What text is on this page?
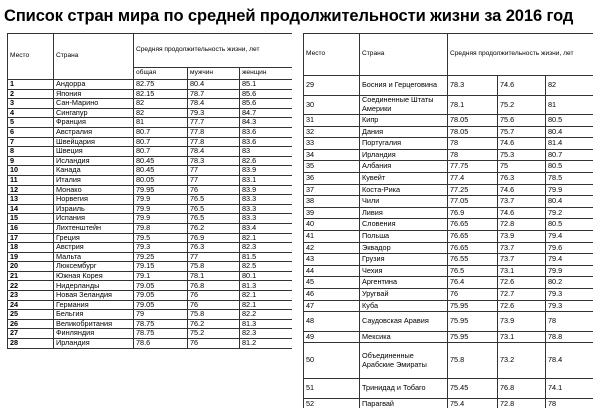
Список стран мира по средней продолжительности жизни за 2016 год
Место	Страна	Средняя продолжительность жизни, лет		
		общая	мужчин	женщин
1	Андорра	82.75	80.4	85.1
2	Япония	82.15	78.7	85.6
3	Сан-Марино	82	78.4	85.6
4	Сингапур	82	79.3	84.7
5	Франция	81	77.7	84.3
6	Австралия	80.7	77.8	83.6
7	Швейцария	80.7	77.8	83.6
8	Швеция	80.7	78.4	83
9	Исландия	80.45	78.3	82.6
10	Канада	80.45	77	83.9
11	Италия	80.05	77	83.1
12	Монако	79.95	76	83.9
13	Норвегия	79.9	76.5	83.3
14	Израиль	79.9	76.5	83.3
15	Испания	79.9	76.5	83.3
16	Лихтенштейн	79.8	76.2	83.4
17	Греция	79.5	76.9	82.1
18	Австрия	79.3	76.3	82.3
19	Мальта	79.25	77	81.5
20	Люксембург	79.15	75.8	82.5
21	Южная Корея	79.1	78.1	80.1
22	Нидерланды	79.05	76.8	81.3
23	Новая Зеландия	79.05	76	82.1
24	Германия	79.05	76	82.1
25	Бельгия	79	75.8	82.2
26	Великобритания	78.75	76.2	81.3
27	Финляндия	78.75	75.2	82.3
28	Ирландия	78.6	76	81.2
Место	Страна	Средняя продолжительность жизни, лет		
29	Босния и Герцеговина	78.3	74.6	82
30	Соединенные Штаты Америки	78.1	75.2	81
31	Кипр	78.05	75.6	80.5
32	Дания	78.05	75.7	80.4
33	Португалия	78	74.6	81.4
34	Ирландия	78	75.3	80.7
35	Албания	77.75	75	80.5
36	Кувейт	77.4	76.3	78.5
37	Коста-Рика	77.25	74.6	79.9
38	Чили	77.05	73.7	80.4
39	Ливия	76.9	74.6	79.2
40	Словения	76.65	72.8	80.5
41	Польша	76.65	73.9	79.4
42	Эквадор	76.65	73.7	79.6
43	Грузия	76.55	73.7	79.4
44	Чехия	76.5	73.1	79.9
45	Аргентина	76.4	72.6	80.2
46	Уругвай	76	72.7	79.3
47	Куба	75.95	72.6	79.3
48	Саудовская Аравия	75.95	73.9	78
49	Мексика	75.95	73.1	78.8
50	Объединенные Арабские Эмираты	75.8	73.2	78.4
51	Тринидад и Тобаго	75.45	76.8	74.1
52	Парагвай	75.4	72.8	78
